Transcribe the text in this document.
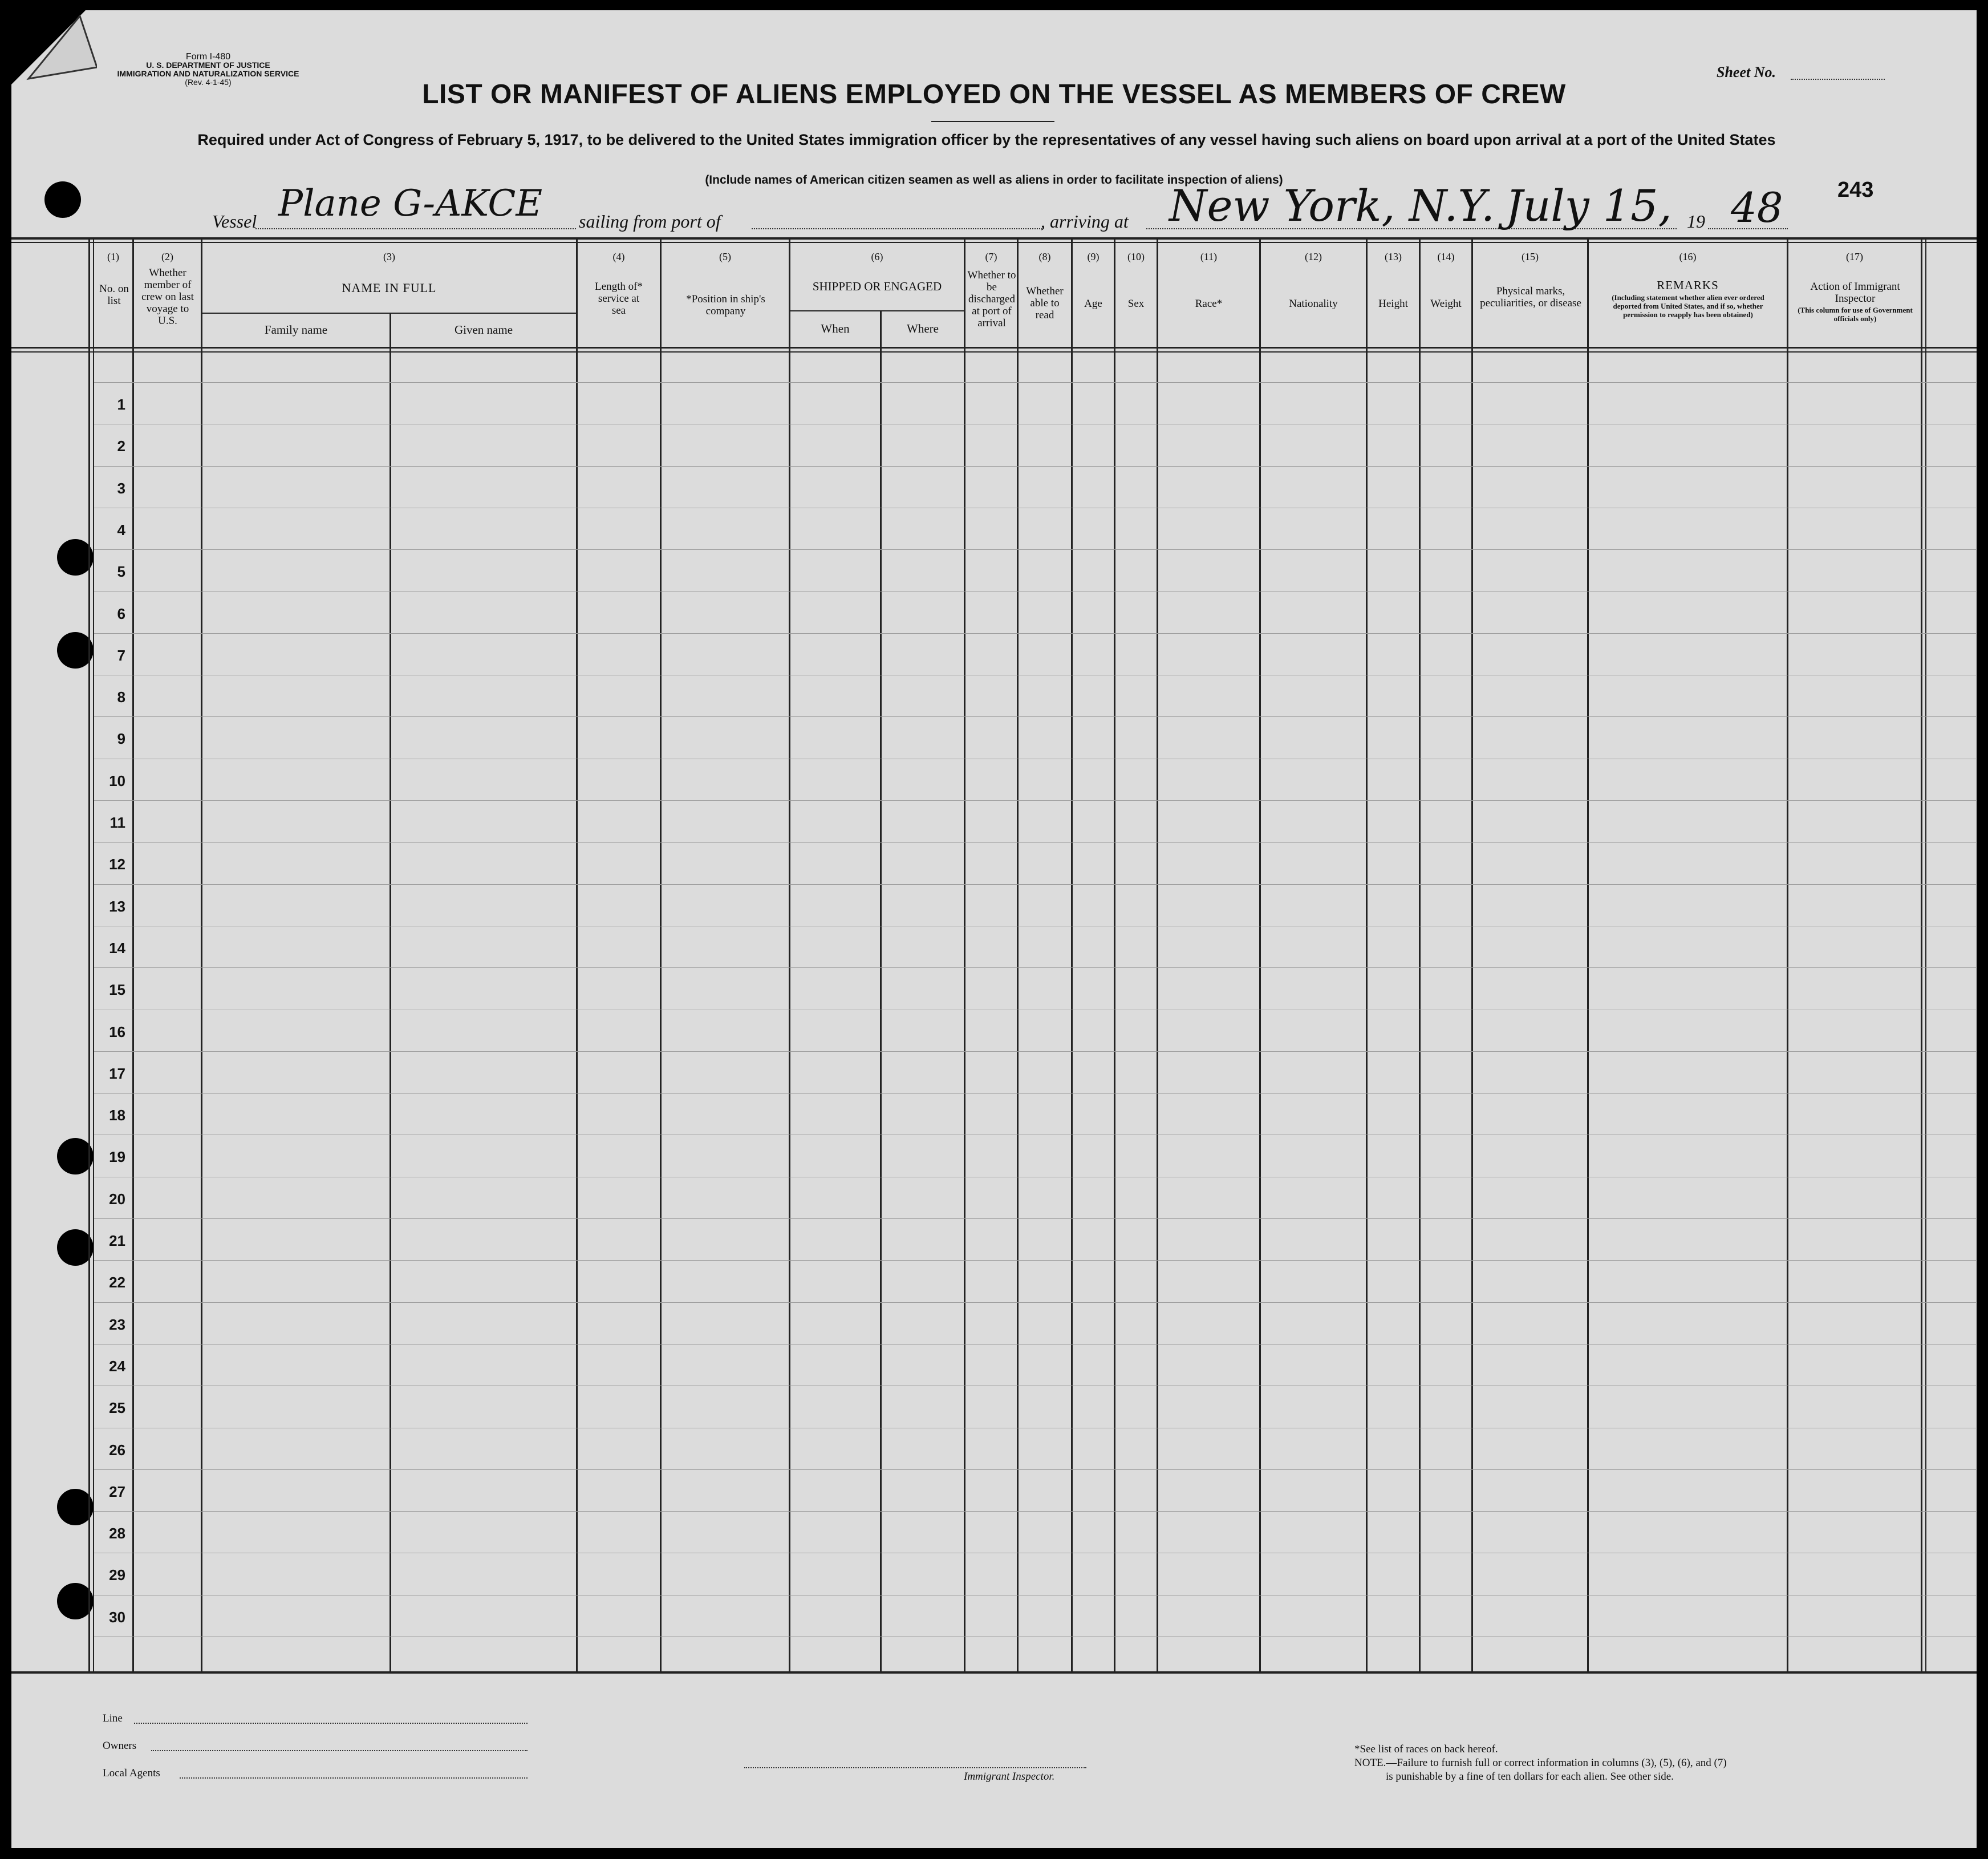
Form I-480
U. S. DEPARTMENT OF JUSTICE
IMMIGRATION AND NATURALIZATION SERVICE
(Rev. 4-1-45)
Sheet No.
LIST OR MANIFEST OF ALIENS EMPLOYED ON THE VESSEL AS MEMBERS OF CREW
Required under Act of Congress of February 5, 1917, to be delivered to the United States immigration officer by the representatives of any vessel having such aliens on board upon arrival at a port of the United States
(Include names of American citizen seamen as well as aliens in order to facilitate inspection of aliens)	243
Vessel Plane G-AKCE sailing from port of	, arriving at New York, N.Y. July 15, 19 48
(1)
No. on list
(2)
Whether member of crew on last voyage to U.S.
(3)
NAME IN FULL
Family name	Given name
(4)
Length of* service at sea
(5)
*Position in ship's company
(6)
SHIPPED OR ENGAGED
When	Where
(7)
Whether to be discharged at port of arrival
(8)
Whether able to read
(9)
Age
(10)
Sex
(11)
Race*
(12)
Nationality
(13)
Height
(14)
Weight
(15)
Physical marks, peculiarities, or disease
(16)
REMARKS
(Including statement whether alien ever ordered deported from United States, and if so, whether permission to reapply has been obtained)
(17)
Action of Immigrant Inspector
(This column for use of Government officials only)
1
2
3
4
5
6
7
8
9
10
11
12
13
14
15
16
17
18
19
20
21
22
23
24
25
26
27
28
29
30
Line
Owners
Local Agents	Immigrant Inspector.
*See list of races on back hereof.
NOTE.—Failure to furnish full or correct information in columns (3), (5), (6), and (7)
is punishable by a fine of ten dollars for each alien. See other side.
